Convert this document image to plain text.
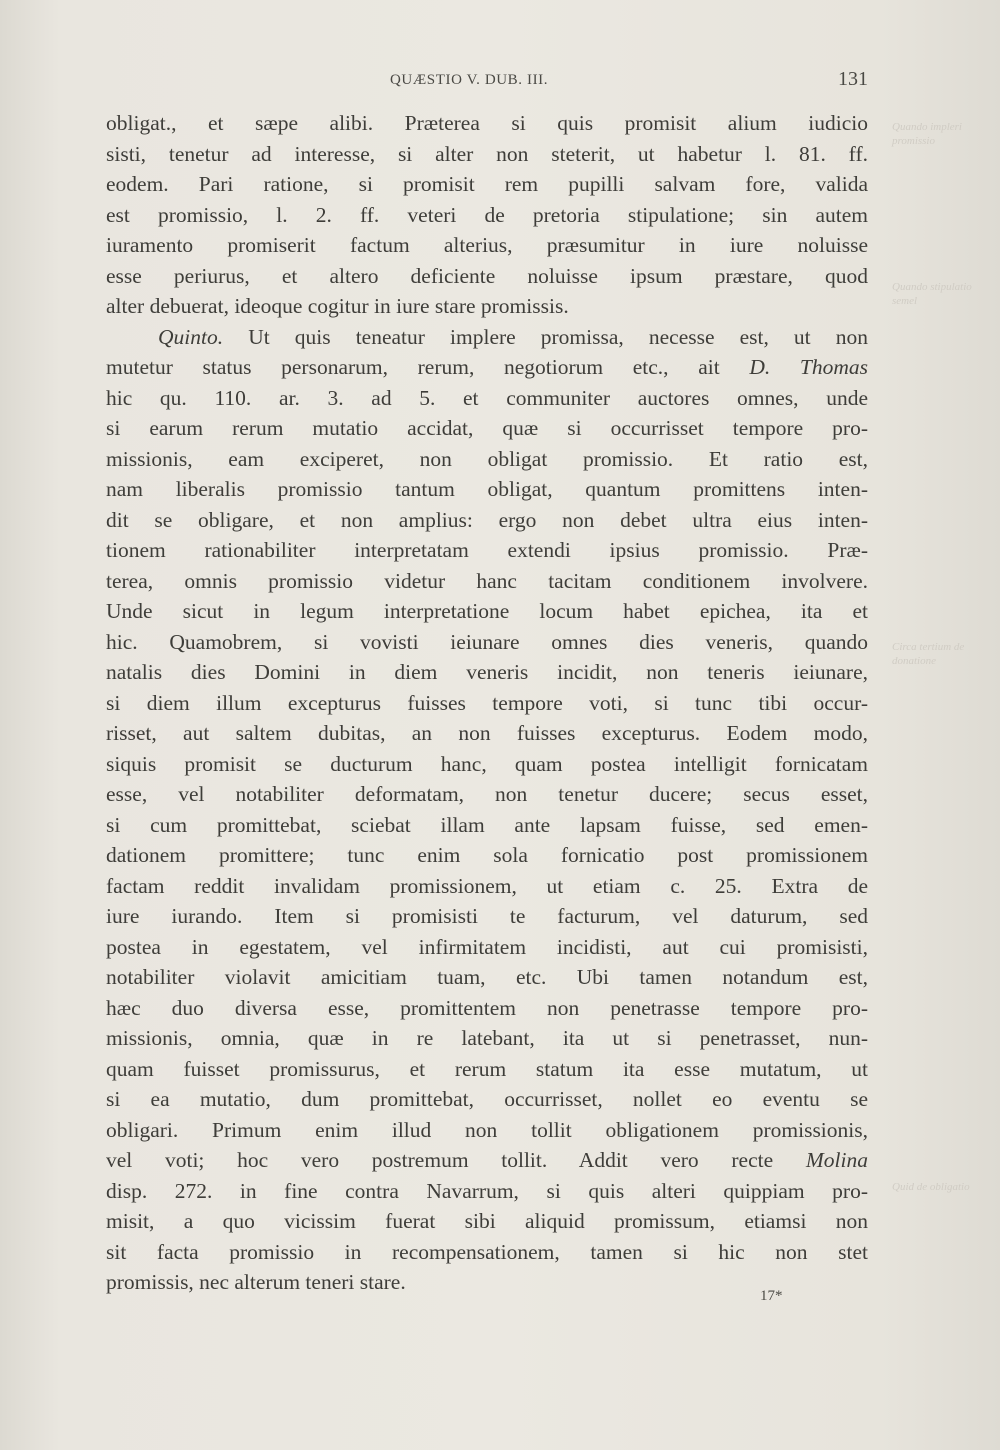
QUÆSTIO V. DUB. III.	131
Quando impleri promissio
Quando stipulatio semel
Circa tertium de donatione
Quid de obligatio
obligat., et sæpe alibi. Præterea si quis promisit alium iudicio
sisti, tenetur ad interesse, si alter non steterit, ut habetur l. 81. ff.
eodem. Pari ratione, si promisit rem pupilli salvam fore, valida
est promissio, l. 2. ff. veteri de pretoria stipulatione; sin autem
iuramento promiserit factum alterius, præsumitur in iure noluisse
esse periurus, et altero deficiente noluisse ipsum præstare, quod
alter debuerat, ideoque cogitur in iure stare promissis.
Quinto. Ut quis teneatur implere promissa, necesse est, ut non
mutetur status personarum, rerum, negotiorum etc., ait D. Thomas
hic qu. 110. ar. 3. ad 5. et communiter auctores omnes, unde
si earum rerum mutatio accidat, quæ si occurrisset tempore pro-
missionis, eam exciperet, non obligat promissio. Et ratio est,
nam liberalis promissio tantum obligat, quantum promittens inten-
dit se obligare, et non amplius: ergo non debet ultra eius inten-
tionem rationabiliter interpretatam extendi ipsius promissio. Præ-
terea, omnis promissio videtur hanc tacitam conditionem involvere.
Unde sicut in legum interpretatione locum habet epichea, ita et
hic. Quamobrem, si vovisti ieiunare omnes dies veneris, quando
natalis dies Domini in diem veneris incidit, non teneris ieiunare,
si diem illum excepturus fuisses tempore voti, si tunc tibi occur-
risset, aut saltem dubitas, an non fuisses excepturus. Eodem modo,
siquis promisit se ducturum hanc, quam postea intelligit fornicatam
esse, vel notabiliter deformatam, non tenetur ducere; secus esset,
si cum promittebat, sciebat illam ante lapsam fuisse, sed emen-
dationem promittere; tunc enim sola fornicatio post promissionem
factam reddit invalidam promissionem, ut etiam c. 25. Extra de
iure iurando. Item si promisisti te facturum, vel daturum, sed
postea in egestatem, vel infirmitatem incidisti, aut cui promisisti,
notabiliter violavit amicitiam tuam, etc. Ubi tamen notandum est,
hæc duo diversa esse, promittentem non penetrasse tempore pro-
missionis, omnia, quæ in re latebant, ita ut si penetrasset, nun-
quam fuisset promissurus, et rerum statum ita esse mutatum, ut
si ea mutatio, dum promittebat, occurrisset, nollet eo eventu se
obligari. Primum enim illud non tollit obligationem promissionis,
vel voti; hoc vero postremum tollit. Addit vero recte Molina
disp. 272. in fine contra Navarrum, si quis alteri quippiam pro-
misit, a quo vicissim fuerat sibi aliquid promissum, etiamsi non
sit facta promissio in recompensationem, tamen si hic non stet
promissis, nec alterum teneri stare.
17*
